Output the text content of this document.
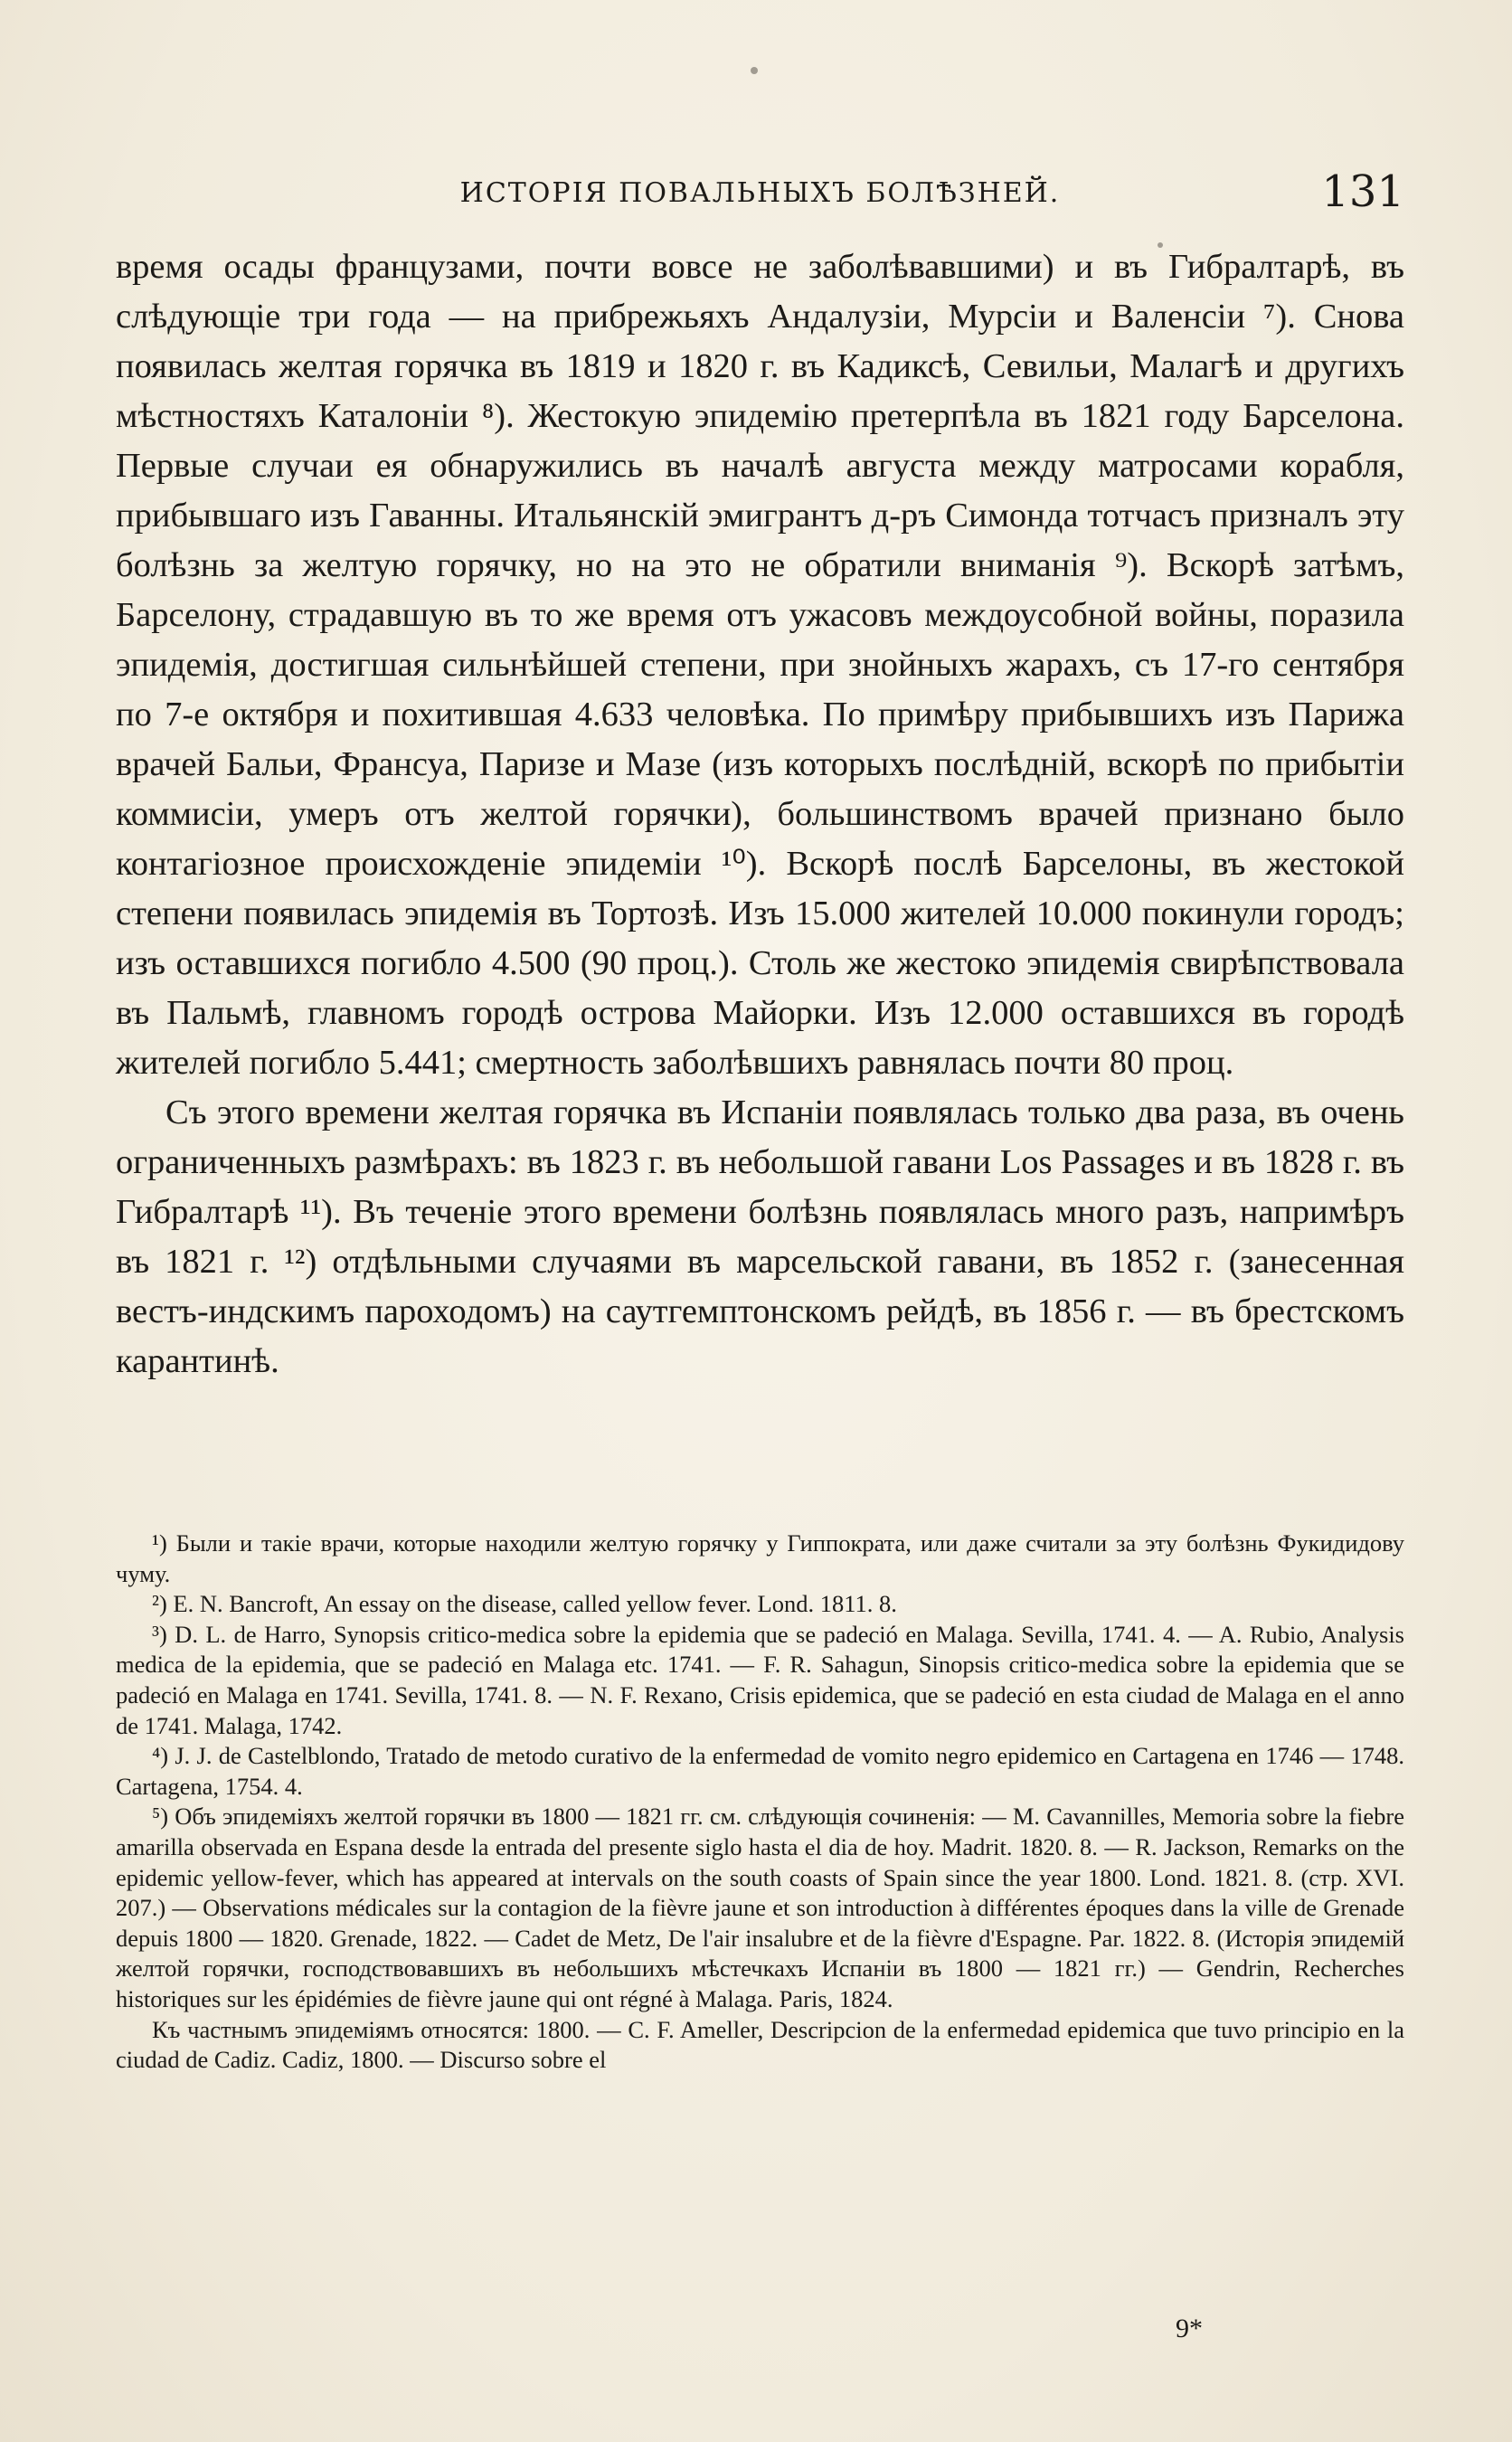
ИСТОРІЯ ПОВАЛЬНЫХЪ БОЛѢЗНЕЙ.	131

время осады французами, почти вовсе не заболѣвавшими) и въ Гибралтарѣ, въ слѣдующіе три года — на прибрежьяхъ Андалузіи, Мурсіи и Валенсіи ⁷). Снова появилась желтая горячка въ 1819 и 1820 г. въ Кадиксѣ, Севильи, Малагѣ и другихъ мѣстностяхъ Каталоніи ⁸). Жестокую эпидемію претерпѣла въ 1821 году Барселона. Первые случаи ея обнаружились въ началѣ августа между матросами корабля, прибывшаго изъ Гаванны. Итальянскій эмигрантъ д-ръ Симонда тотчасъ призналъ эту болѣзнь за желтую горячку, но на это не обратили вниманія ⁹). Вскорѣ затѣмъ, Барселону, страдавшую въ то же время отъ ужасовъ междоусобной войны, поразила эпидемія, достигшая сильнѣйшей степени, при знойныхъ жарахъ, съ 17-го сентября по 7-е октября и похитившая 4.633 человѣка. По примѣру прибывшихъ изъ Парижа врачей Бальи, Франсуа, Паризе и Мазе (изъ которыхъ послѣдній, вскорѣ по прибытіи коммисіи, умеръ отъ желтой горячки), большинствомъ врачей признано было контагіозное происхожденіе эпидеміи ¹⁰). Вскорѣ послѣ Барселоны, въ жестокой степени появилась эпидемія въ Тортозѣ. Изъ 15.000 жителей 10.000 покинули городъ; изъ оставшихся погибло 4.500 (90 проц.). Столь же жестоко эпидемія свирѣпствовала въ Пальмѣ, главномъ городѣ острова Майорки. Изъ 12.000 оставшихся въ городѣ жителей погибло 5.441; смертность заболѣвшихъ равнялась почти 80 проц.

Съ этого времени желтая горячка въ Испаніи появлялась только два раза, въ очень ограниченныхъ размѣрахъ: въ 1823 г. въ небольшой гавани Los Passages и въ 1828 г. въ Гибралтарѣ ¹¹). Въ теченіе этого времени болѣзнь появлялась много разъ, напримѣръ въ 1821 г. ¹²) отдѣльными случаями въ марсельской гавани, въ 1852 г. (занесенная вестъ-индскимъ пароходомъ) на саутгемптонскомъ рейдѣ, въ 1856 г. — въ брестскомъ карантинѣ.

¹) Были и такіе врачи, которые находили желтую горячку у Гиппократа, или даже считали за эту болѣзнь Фукидидову чуму.

²) E. N. Bancroft, An essay on the disease, called yellow fever. Lond. 1811. 8.

³) D. L. de Harro, Synopsis critico-medica sobre la epidemia que se padeció en Malaga. Sevilla, 1741. 4. — A. Rubio, Analysis medica de la epidemia, que se padeció en Malaga etc. 1741. — F. R. Sahagun, Sinopsis critico-medica sobre la epidemia que se padeció en Malaga en 1741. Sevilla, 1741. 8. — N. F. Rexano, Crisis epidemica, que se padeció en esta ciudad de Malaga en el anno de 1741. Malaga, 1742.

⁴) J. J. de Castelblondo, Tratado de metodo curativo de la enfermedad de vomito negro epidemico en Cartagena en 1746 — 1748. Cartagena, 1754. 4.

⁵) Объ эпидеміяхъ желтой горячки въ 1800 — 1821 гг. см. слѣдующія сочиненія: — M. Cavannilles, Memoria sobre la fiebre amarilla observada en Espana desde la entrada del presente siglo hasta el dia de hoy. Madrit. 1820. 8. — R. Jackson, Remarks on the epidemic yellow-fever, which has appeared at intervals on the south coasts of Spain since the year 1800. Lond. 1821. 8. (стр. XVI. 207.) — Observations médicales sur la contagion de la fièvre jaune et son introduction à différentes époques dans la ville de Grenade depuis 1800 — 1820. Grenade, 1822. — Cadet de Metz, De l'air insalubre et de la fièvre d'Espagne. Par. 1822. 8. (Исторія эпидемій желтой горячки, господствовавшихъ въ небольшихъ мѣстечкахъ Испаніи въ 1800 — 1821 гг.) — Gendrin, Recherches historiques sur les épidémies de fièvre jaune qui ont régné à Malaga. Paris, 1824.

Къ частнымъ эпидеміямъ относятся: 1800. — C. F. Ameller, Descripcion de la enfermedad epidemica que tuvo principio en la ciudad de Cadiz. Cadiz, 1800. — Discurso sobre el

9*
